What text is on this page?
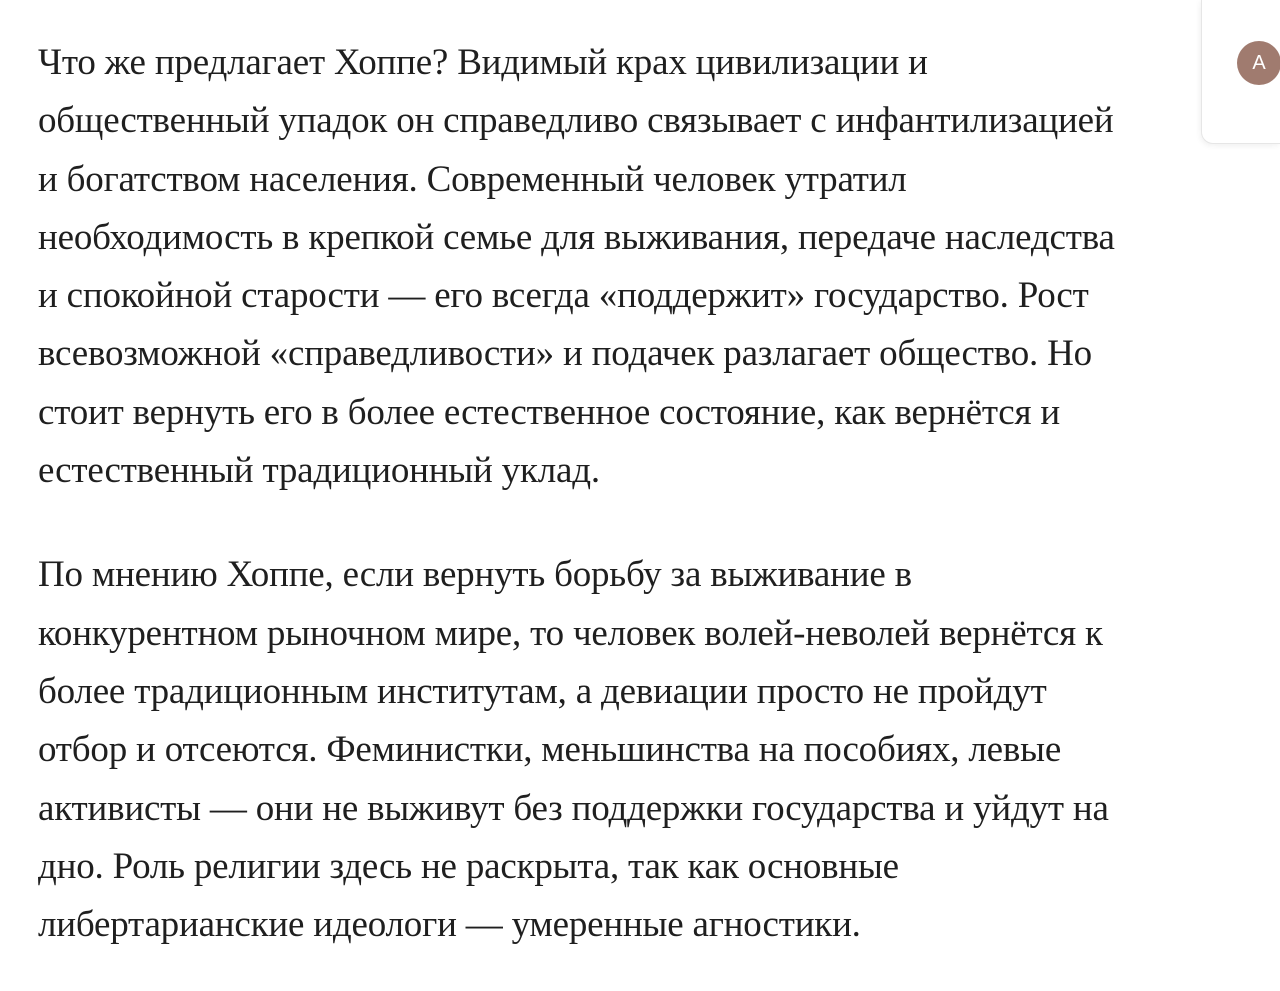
Что же предлагает Хоппе? Видимый крах цивилизации и
общественный упадок он справедливо связывает с инфантилизацией
и богатством населения. Современный человек утратил
необходимость в крепкой семье для выживания, передаче наследства
и спокойной старости — его всегда «поддержит» государство. Рост
всевозможной «справедливости» и подачек разлагает общество. Но
стоит вернуть его в более естественное состояние, как вернётся и
естественный традиционный уклад.
По мнению Хоппе, если вернуть борьбу за выживание в
конкурентном рыночном мире, то человек волей-неволей вернётся к
более традиционным институтам, а девиации просто не пройдут
отбор и отсеются. Феминистки, меньшинства на пособиях, левые
активисты — они не выживут без поддержки государства и уйдут на
дно. Роль религии здесь не раскрыта, так как основные
либертарианские идеологи — умеренные агностики.
A
